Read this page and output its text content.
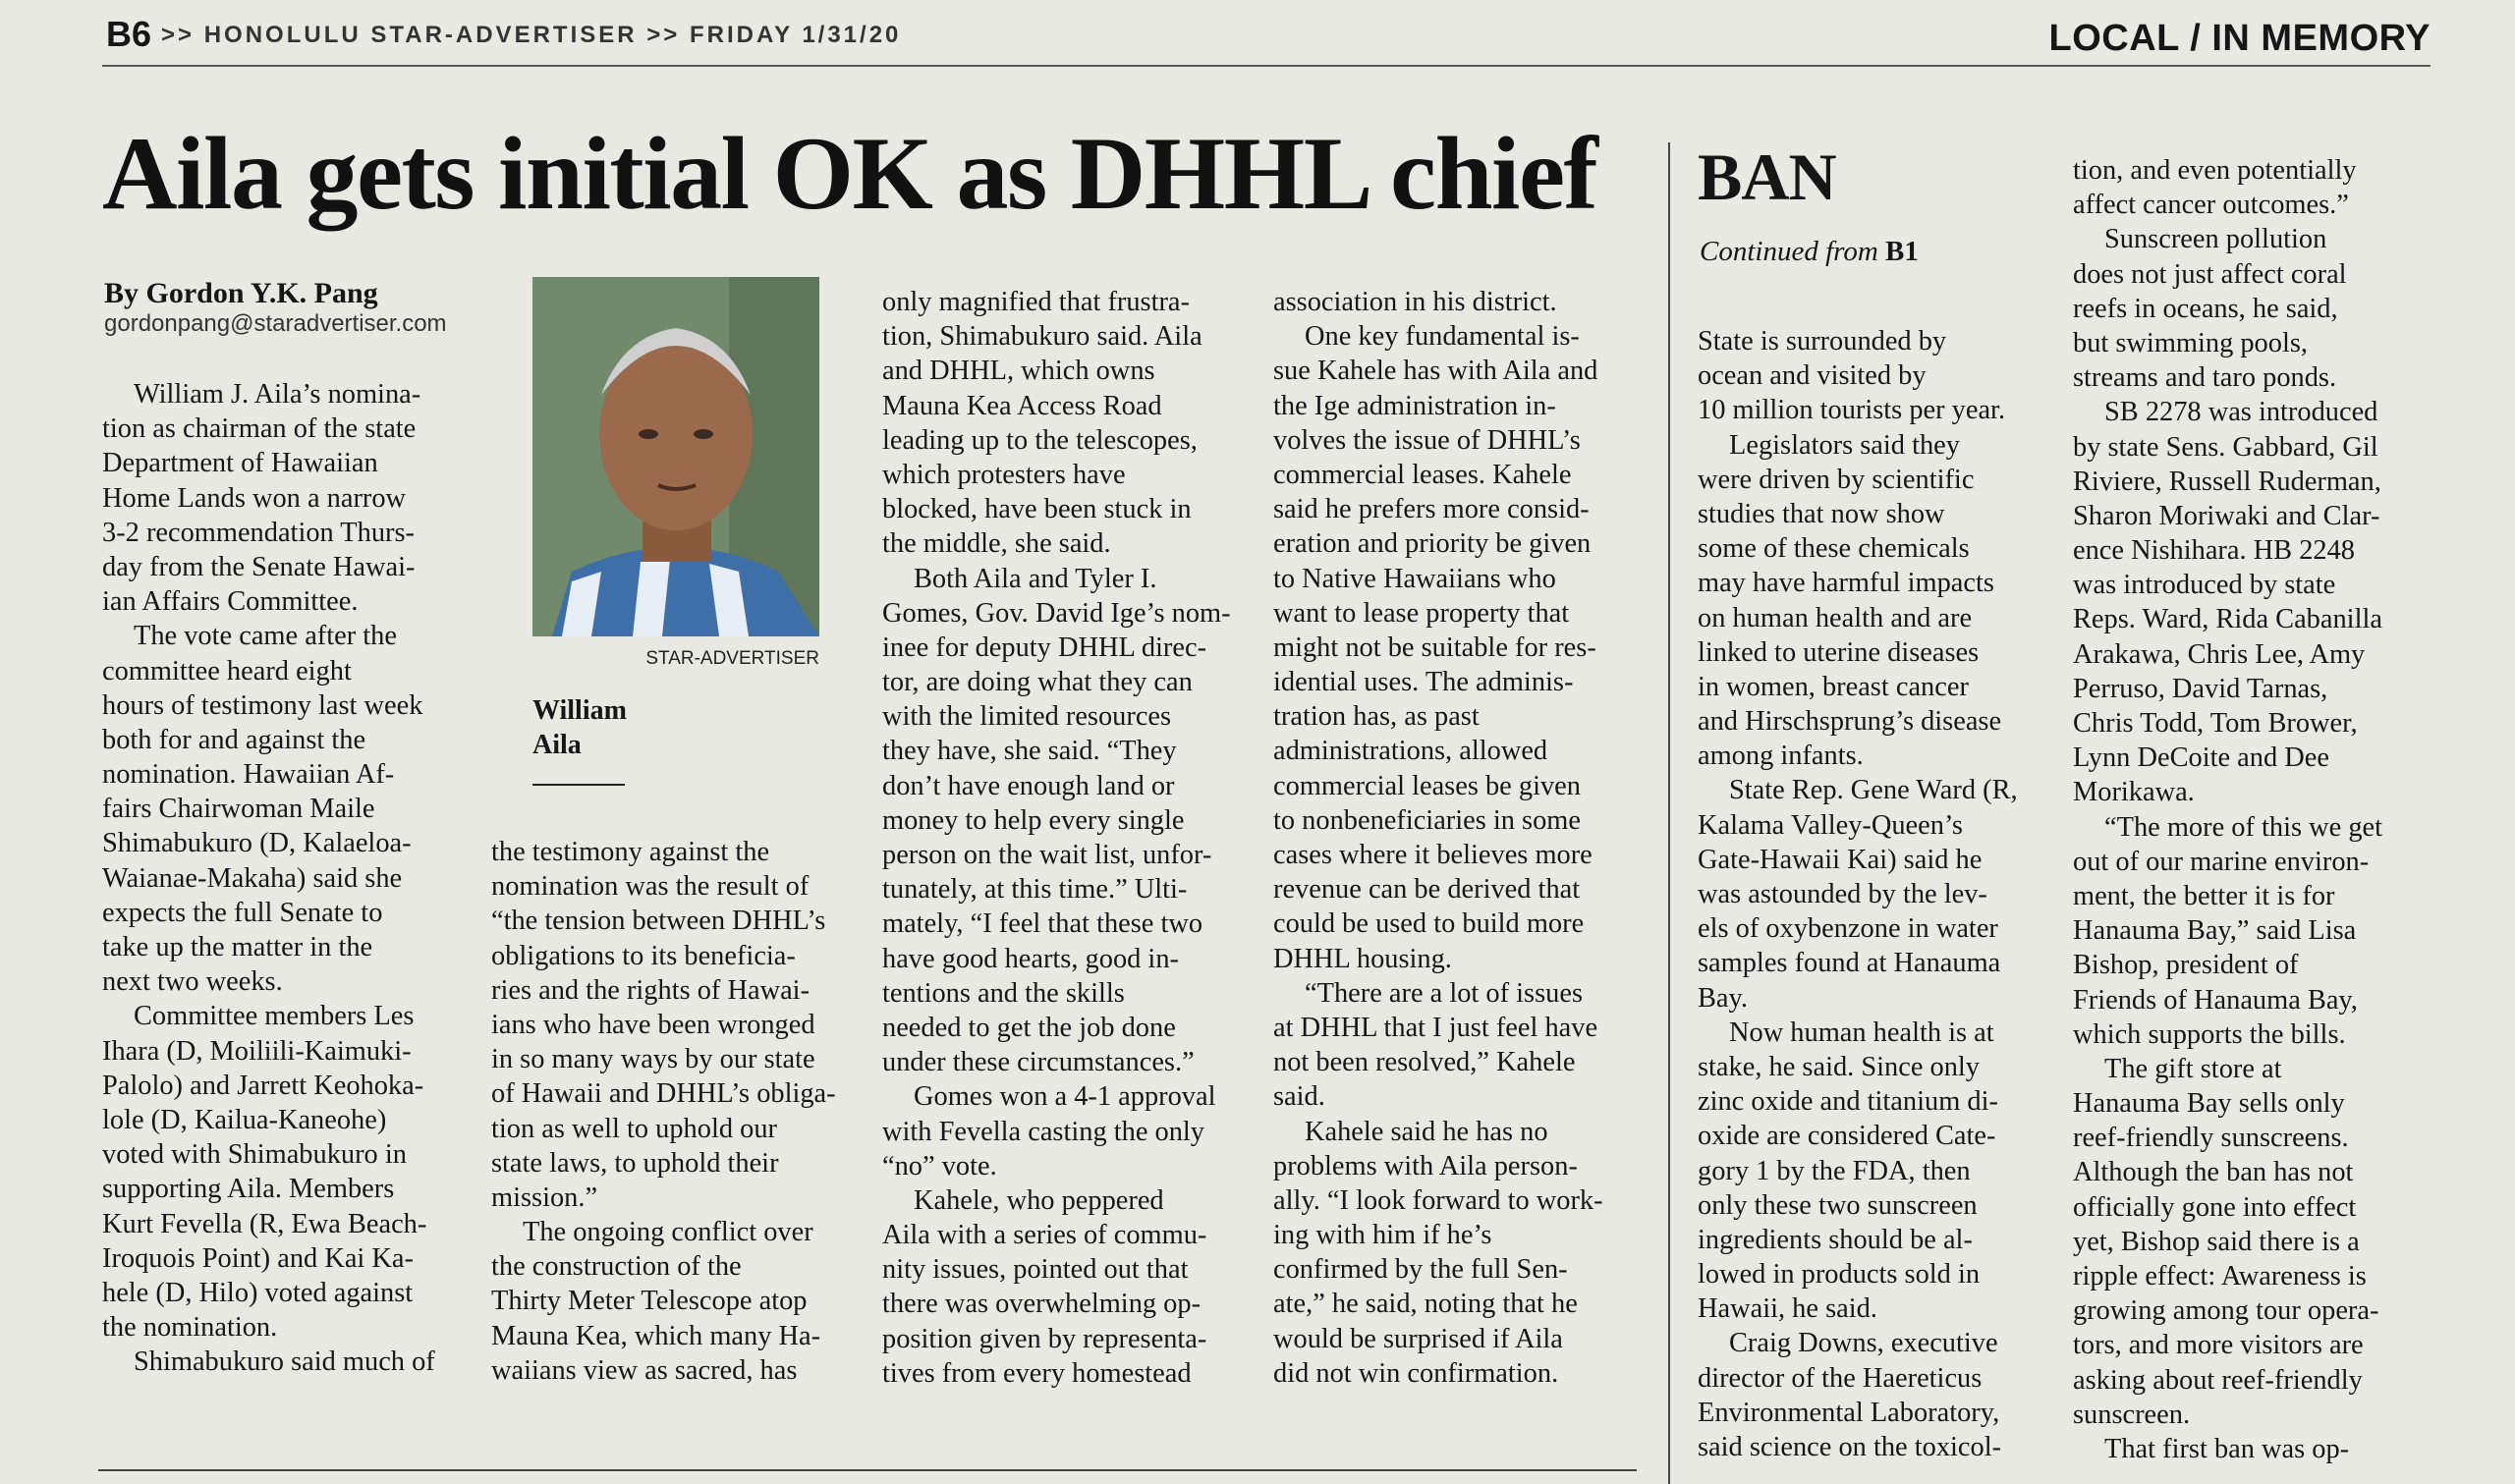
B6 >> HONOLULU STAR-ADVERTISER >> FRIDAY 1/31/20	LOCAL / IN MEMORY
Aila gets initial OK as DHHL chief
By Gordon Y.K. Pang
gordonpang@staradvertiser.com
STAR-ADVERTISER
William
Aila
William J. Aila’s nomina-
tion as chairman of the state
Department of Hawaiian
Home Lands won a narrow
3-2 recommendation Thurs-
day from the Senate Hawai-
ian Affairs Committee.
The vote came after the
committee heard eight
hours of testimony last week
both for and against the
nomination. Hawaiian Af-
fairs Chairwoman Maile
Shimabukuro (D, Kalaeloa-
Waianae-Makaha) said she
expects the full Senate to
take up the matter in the
next two weeks.
Committee members Les
Ihara (D, Moiliili-Kaimuki-
Palolo) and Jarrett Keohoka-
lole (D, Kailua-Kaneohe)
voted with Shimabukuro in
supporting Aila. Members
Kurt Fevella (R, Ewa Beach-
Iroquois Point) and Kai Ka-
hele (D, Hilo) voted against
the nomination.
Shimabukuro said much of
the testimony against the
nomination was the result of
“the tension between DHHL’s
obligations to its beneficia-
ries and the rights of Hawai-
ians who have been wronged
in so many ways by our state
of Hawaii and DHHL’s obliga-
tion as well to uphold our
state laws, to uphold their
mission.”
The ongoing conflict over
the construction of the
Thirty Meter Telescope atop
Mauna Kea, which many Ha-
waiians view as sacred, has
only magnified that frustra-
tion, Shimabukuro said. Aila
and DHHL, which owns
Mauna Kea Access Road
leading up to the telescopes,
which protesters have
blocked, have been stuck in
the middle, she said.
Both Aila and Tyler I.
Gomes, Gov. David Ige’s nom-
inee for deputy DHHL direc-
tor, are doing what they can
with the limited resources
they have, she said. “They
don’t have enough land or
money to help every single
person on the wait list, unfor-
tunately, at this time.” Ulti-
mately, “I feel that these two
have good hearts, good in-
tentions and the skills
needed to get the job done
under these circumstances.”
Gomes won a 4-1 approval
with Fevella casting the only
“no” vote.
Kahele, who peppered
Aila with a series of commu-
nity issues, pointed out that
there was overwhelming op-
position given by representa-
tives from every homestead
association in his district.
One key fundamental is-
sue Kahele has with Aila and
the Ige administration in-
volves the issue of DHHL’s
commercial leases. Kahele
said he prefers more consid-
eration and priority be given
to Native Hawaiians who
want to lease property that
might not be suitable for res-
idential uses. The adminis-
tration has, as past
administrations, allowed
commercial leases be given
to nonbeneficiaries in some
cases where it believes more
revenue can be derived that
could be used to build more
DHHL housing.
“There are a lot of issues
at DHHL that I just feel have
not been resolved,” Kahele
said.
Kahele said he has no
problems with Aila person-
ally. “I look forward to work-
ing with him if he’s
confirmed by the full Sen-
ate,” he said, noting that he
would be surprised if Aila
did not win confirmation.
BAN
Continued from B1
State is surrounded by
ocean and visited by
10 million tourists per year.
Legislators said they
were driven by scientific
studies that now show
some of these chemicals
may have harmful impacts
on human health and are
linked to uterine diseases
in women, breast cancer
and Hirschsprung’s disease
among infants.
State Rep. Gene Ward (R,
Kalama Valley-Queen’s
Gate-Hawaii Kai) said he
was astounded by the lev-
els of oxybenzone in water
samples found at Hanauma
Bay.
Now human health is at
stake, he said. Since only
zinc oxide and titanium di-
oxide are considered Cate-
gory 1 by the FDA, then
only these two sunscreen
ingredients should be al-
lowed in products sold in
Hawaii, he said.
Craig Downs, executive
director of the Haereticus
Environmental Laboratory,
said science on the toxicol-
tion, and even potentially
affect cancer outcomes.”
Sunscreen pollution
does not just affect coral
reefs in oceans, he said,
but swimming pools,
streams and taro ponds.
SB 2278 was introduced
by state Sens. Gabbard, Gil
Riviere, Russell Ruderman,
Sharon Moriwaki and Clar-
ence Nishihara. HB 2248
was introduced by state
Reps. Ward, Rida Cabanilla
Arakawa, Chris Lee, Amy
Perruso, David Tarnas,
Chris Todd, Tom Brower,
Lynn DeCoite and Dee
Morikawa.
“The more of this we get
out of our marine environ-
ment, the better it is for
Hanauma Bay,” said Lisa
Bishop, president of
Friends of Hanauma Bay,
which supports the bills.
The gift store at
Hanauma Bay sells only
reef-friendly sunscreens.
Although the ban has not
officially gone into effect
yet, Bishop said there is a
ripple effect: Awareness is
growing among tour opera-
tors, and more visitors are
asking about reef-friendly
sunscreen.
That first ban was op-
